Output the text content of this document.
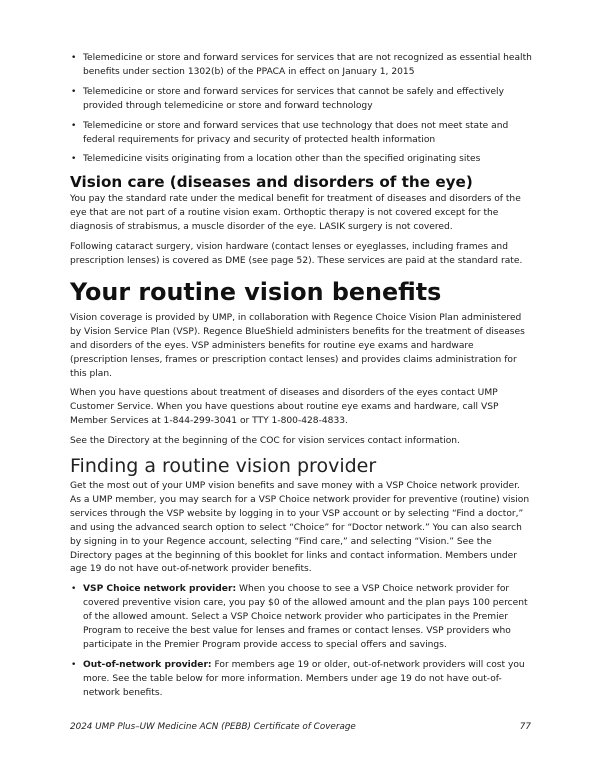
• Telemedicine or store and forward services for services that are not recognized as essential health benefits under section 1302(b) of the PPACA in effect on January 1, 2015
• Telemedicine or store and forward services for services that cannot be safely and effectively provided through telemedicine or store and forward technology
• Telemedicine or store and forward services that use technology that does not meet state and federal requirements for privacy and security of protected health information
• Telemedicine visits originating from a location other than the specified originating sites
Vision care (diseases and disorders of the eye)

You pay the standard rate under the medical benefit for treatment of diseases and disorders of the eye that are not part of a routine vision exam. Orthoptic therapy is not covered except for the diagnosis of strabismus, a muscle disorder of the eye. LASIK surgery is not covered.

Following cataract surgery, vision hardware (contact lenses or eyeglasses, including frames and prescription lenses) is covered as DME (see page 52). These services are paid at the standard rate.

Your routine vision benefits

Vision coverage is provided by UMP, in collaboration with Regence Choice Vision Plan administered by Vision Service Plan (VSP). Regence BlueShield administers benefits for the treatment of diseases and disorders of the eyes. VSP administers benefits for routine eye exams and hardware (prescription lenses, frames or prescription contact lenses) and provides claims administration for this plan.

When you have questions about treatment of diseases and disorders of the eyes contact UMP Customer Service. When you have questions about routine eye exams and hardware, call VSP Member Services at 1-844-299-3041 or TTY 1-800-428-4833.

See the Directory at the beginning of the COC for vision services contact information.

Finding a routine vision provider

Get the most out of your UMP vision benefits and save money with a VSP Choice network provider. As a UMP member, you may search for a VSP Choice network provider for preventive (routine) vision services through the VSP website by logging in to your VSP account or by selecting “Find a doctor,” and using the advanced search option to select “Choice” for “Doctor network.” You can also search by signing in to your Regence account, selecting “Find care,” and selecting “Vision.” See the Directory pages at the beginning of this booklet for links and contact information. Members under age 19 do not have out-of-network provider benefits.

• VSP Choice network provider: When you choose to see a VSP Choice network provider for covered preventive vision care, you pay $0 of the allowed amount and the plan pays 100 percent of the allowed amount. Select a VSP Choice network provider who participates in the Premier Program to receive the best value for lenses and frames or contact lenses. VSP providers who participate in the Premier Program provide access to special offers and savings.
• Out-of-network provider: For members age 19 or older, out-of-network providers will cost you more. See the table below for more information. Members under age 19 do not have out-of-network benefits.
2024 UMP Plus–UW Medicine ACN (PEBB) Certificate of Coverage	77
